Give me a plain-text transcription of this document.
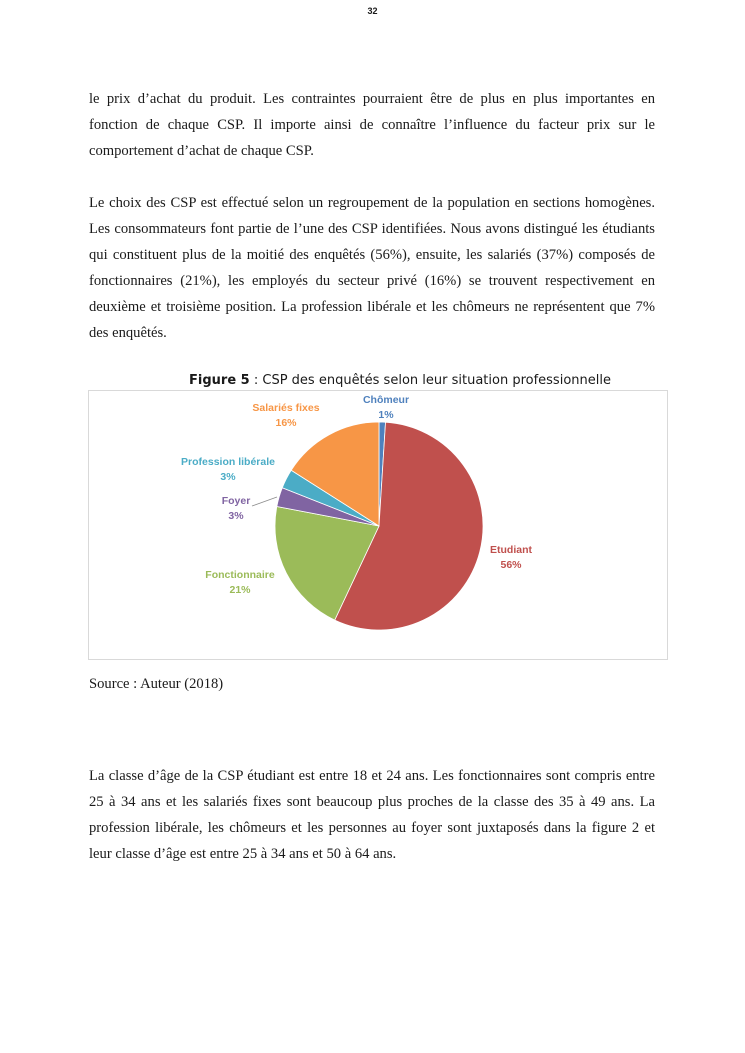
32

le prix d’achat du produit. Les contraintes pourraient être de plus en plus importantes en fonction de chaque CSP. Il importe ainsi de connaître l’influence du facteur prix sur le comportement d’achat de chaque CSP.

Le choix des CSP est effectué selon un regroupement de la population en sections homogènes. Les consommateurs font partie de l’une des CSP identifiées. Nous avons distingué les étudiants qui constituent plus de la moitié des enquêtés (56%), ensuite, les salariés (37%) composés de fonctionnaires (21%), les employés du secteur privé (16%) se trouvent respectivement en deuxième et troisième position. La profession libérale et les chômeurs ne représentent que 7% des enquêtés.

Figure 5 : CSP des enquêtés selon leur situation professionnelle
Chômeur 1%
Etudiant 56%
Fonctionnaire 21%
Foyer 3%
Profession libérale 3%
Salariés fixes 16%

Source : Auteur (2018)

La classe d’âge de la CSP étudiant est entre 18 et 24 ans. Les fonctionnaires sont compris entre 25 à 34 ans et les salariés fixes sont beaucoup plus proches de la classe des 35 à 49 ans. La profession libérale, les chômeurs et les personnes au foyer sont juxtaposés dans la figure 2 et leur classe d’âge est entre 25 à 34 ans et 50 à 64 ans.
